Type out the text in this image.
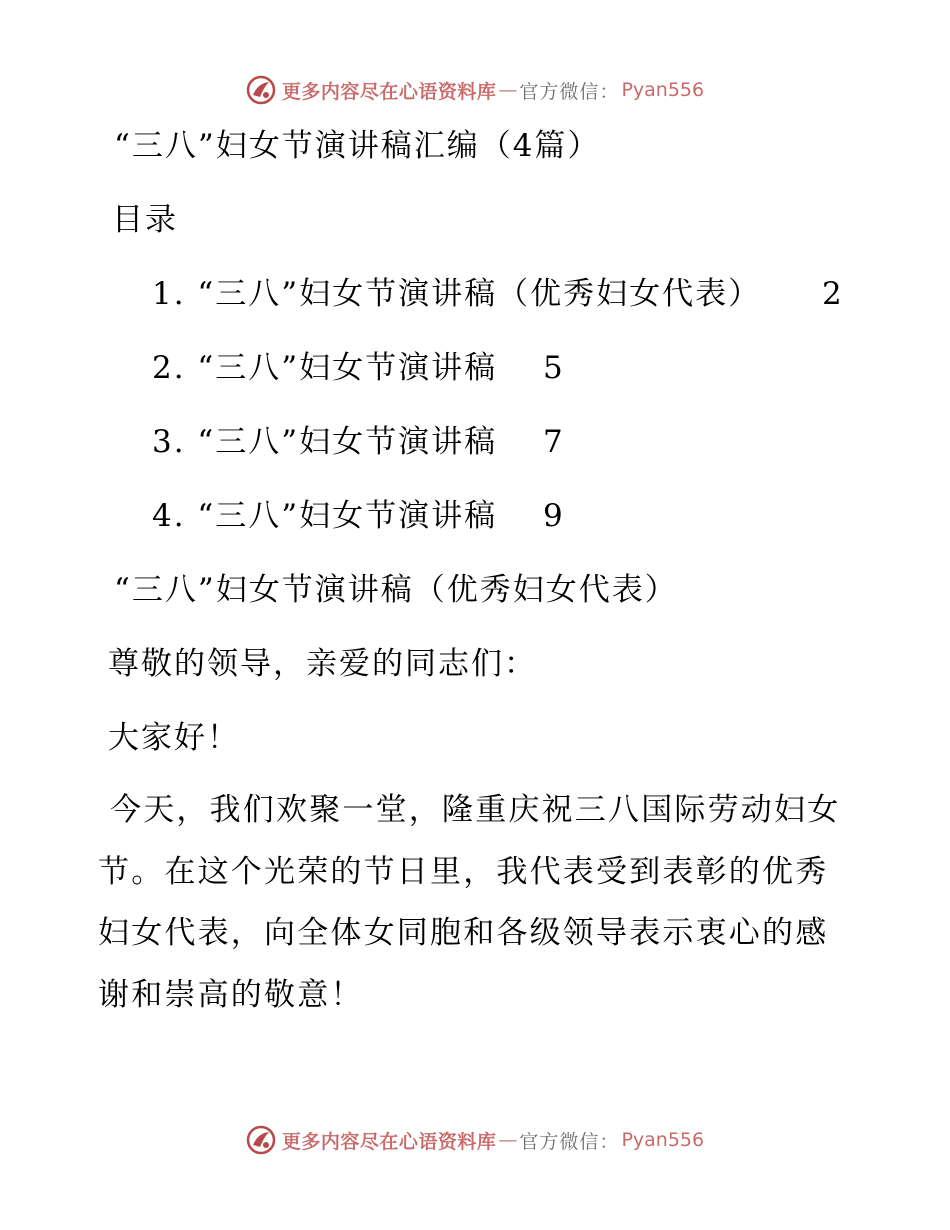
更多内容尽在心语资料库 — 官方微信： Pyan556
“三八”妇女节演讲稿汇编（4篇）
目录
1. “三八”妇女节演讲稿（优秀妇女代表） 2
2. “三八”妇女节演讲稿 5
3. “三八”妇女节演讲稿 7
4. “三八”妇女节演讲稿 9
“三八”妇女节演讲稿（优秀妇女代表）
尊敬的领导，亲爱的同志们：
大家好！
今天，我们欢聚一堂，隆重庆祝三八国际劳动妇女节。在这个光荣的节日里，我代表受到表彰的优秀妇女代表，向全体女同胞和各级领导表示衷心的感谢和崇高的敬意！
更多内容尽在心语资料库 — 官方微信： Pyan556
